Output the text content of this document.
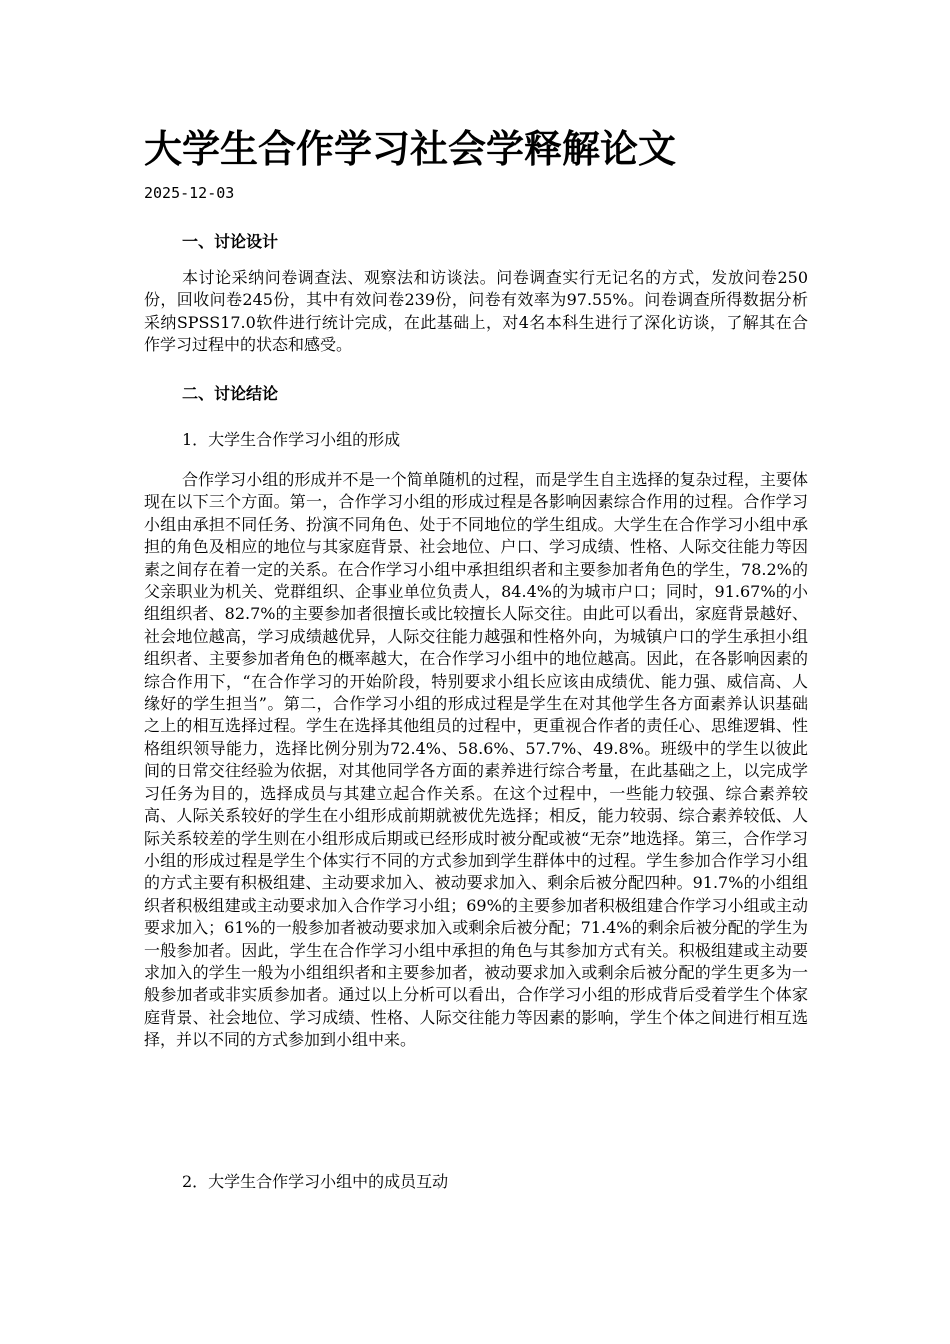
大学生合作学习社会学释解论文
2025-12-03
一、讨论设计

本讨论采纳问卷调查法、观察法和访谈法。问卷调查实行无记名的方式，发放问卷250份，回收问卷245份，其中有效问卷239份，问卷有效率为97.55%。问卷调查所得数据分析采纳SPSS17.0软件进行统计完成，在此基础上，对4名本科生进行了深化访谈，了解其在合作学习过程中的状态和感受。

二、讨论结论
1．大学生合作学习小组的形成

合作学习小组的形成并不是一个简单随机的过程，而是学生自主选择的复杂过程，主要体现在以下三个方面。第一，合作学习小组的形成过程是各影响因素综合作用的过程。合作学习小组由承担不同任务、扮演不同角色、处于不同地位的学生组成。大学生在合作学习小组中承担的角色及相应的地位与其家庭背景、社会地位、户口、学习成绩、性格、人际交往能力等因素之间存在着一定的关系。在合作学习小组中承担组织者和主要参加者角色的学生，78.2%的父亲职业为机关、党群组织、企事业单位负责人，84.4%的为城市户口；同时，91.67%的小组组织者、82.7%的主要参加者很擅长或比较擅长人际交往。由此可以看出，家庭背景越好、社会地位越高，学习成绩越优异，人际交往能力越强和性格外向，为城镇户口的学生承担小组组织者、主要参加者角色的概率越大，在合作学习小组中的地位越高。因此，在各影响因素的综合作用下，“在合作学习的开始阶段，特别要求小组长应该由成绩优、能力强、威信高、人缘好的学生担当”。第二，合作学习小组的形成过程是学生在对其他学生各方面素养认识基础之上的相互选择过程。学生在选择其他组员的过程中，更重视合作者的责任心、思维逻辑、性格组织领导能力，选择比例分别为72.4%、58.6%、57.7%、49.8%。班级中的学生以彼此间的日常交往经验为依据，对其他同学各方面的素养进行综合考量，在此基础之上，以完成学习任务为目的，选择成员与其建立起合作关系。在这个过程中，一些能力较强、综合素养较高、人际关系较好的学生在小组形成前期就被优先选择；相反，能力较弱、综合素养较低、人际关系较差的学生则在小组形成后期或已经形成时被分配或被“无奈”地选择。第三，合作学习小组的形成过程是学生个体实行不同的方式参加到学生群体中的过程。学生参加合作学习小组的方式主要有积极组建、主动要求加入、被动要求加入、剩余后被分配四种。91.7%的小组组织者积极组建或主动要求加入合作学习小组；69%的主要参加者积极组建合作学习小组或主动要求加入；61%的一般参加者被动要求加入或剩余后被分配；71.4%的剩余后被分配的学生为一般参加者。因此，学生在合作学习小组中承担的角色与其参加方式有关。积极组建或主动要求加入的学生一般为小组组织者和主要参加者，被动要求加入或剩余后被分配的学生更多为一般参加者或非实质参加者。通过以上分析可以看出，合作学习小组的形成背后受着学生个体家庭背景、社会地位、学习成绩、性格、人际交往能力等因素的影响，学生个体之间进行相互选择，并以不同的方式参加到小组中来。

2．大学生合作学习小组中的成员互动
